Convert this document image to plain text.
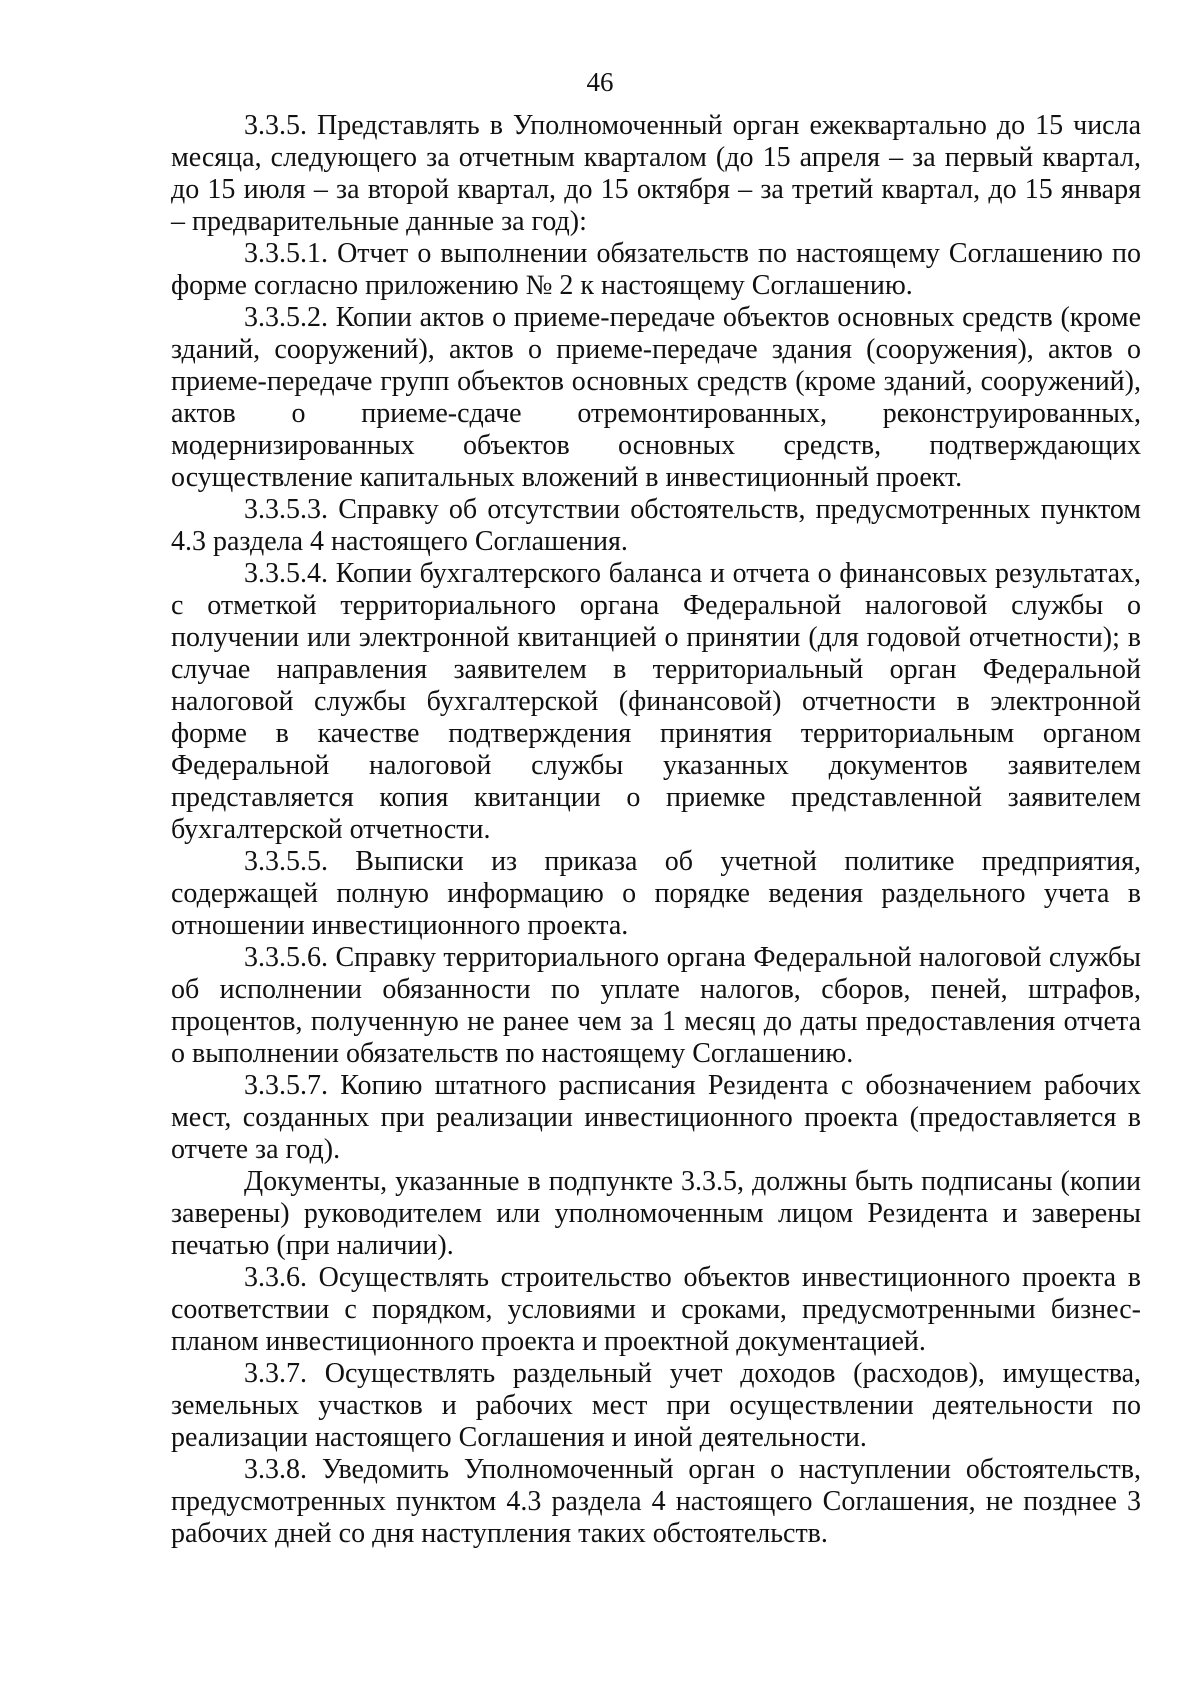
46

3.3.5. Представлять в Уполномоченный орган ежеквартально до 15 числа месяца, следующего за отчетным кварталом (до 15 апреля – за первый квартал, до 15 июля – за второй квартал, до 15 октября – за третий квартал, до 15 января – предварительные данные за год):

3.3.5.1. Отчет о выполнении обязательств по настоящему Соглашению по форме согласно приложению № 2 к настоящему Соглашению.

3.3.5.2. Копии актов о приеме-передаче объектов основных средств (кроме зданий, сооружений), актов о приеме-передаче здания (сооружения), актов о приеме-передаче групп объектов основных средств (кроме зданий, сооружений), актов о приеме-сдаче отремонтированных, реконструированных, модернизированных объектов основных средств, подтверждающих осуществление капитальных вложений в инвестиционный проект.

3.3.5.3. Справку об отсутствии обстоятельств, предусмотренных пунктом 4.3 раздела 4 настоящего Соглашения.

3.3.5.4. Копии бухгалтерского баланса и отчета о финансовых результатах, с отметкой территориального органа Федеральной налоговой службы о получении или электронной квитанцией о принятии (для годовой отчетности); в случае направления заявителем в территориальный орган Федеральной налоговой службы бухгалтерской (финансовой) отчетности в электронной форме в качестве подтверждения принятия территориальным органом Федеральной налоговой службы указанных документов заявителем представляется копия квитанции о приемке представленной заявителем бухгалтерской отчетности.

3.3.5.5. Выписки из приказа об учетной политике предприятия, содержащей полную информацию о порядке ведения раздельного учета в отношении инвестиционного проекта.

3.3.5.6. Справку территориального органа Федеральной налоговой службы об исполнении обязанности по уплате налогов, сборов, пеней, штрафов, процентов, полученную не ранее чем за 1 месяц до даты предоставления отчета о выполнении обязательств по настоящему Соглашению.

3.3.5.7. Копию штатного расписания Резидента с обозначением рабочих мест, созданных при реализации инвестиционного проекта (предоставляется в отчете за год).

Документы, указанные в подпункте 3.3.5, должны быть подписаны (копии заверены) руководителем или уполномоченным лицом Резидента и заверены печатью (при наличии).

3.3.6. Осуществлять строительство объектов инвестиционного проекта в соответствии с порядком, условиями и сроками, предусмотренными бизнес-планом инвестиционного проекта и проектной документацией.

3.3.7. Осуществлять раздельный учет доходов (расходов), имущества, земельных участков и рабочих мест при осуществлении деятельности по реализации настоящего Соглашения и иной деятельности.

3.3.8. Уведомить Уполномоченный орган о наступлении обстоятельств, предусмотренных пунктом 4.3 раздела 4 настоящего Соглашения, не позднее 3 рабочих дней со дня наступления таких обстоятельств.
